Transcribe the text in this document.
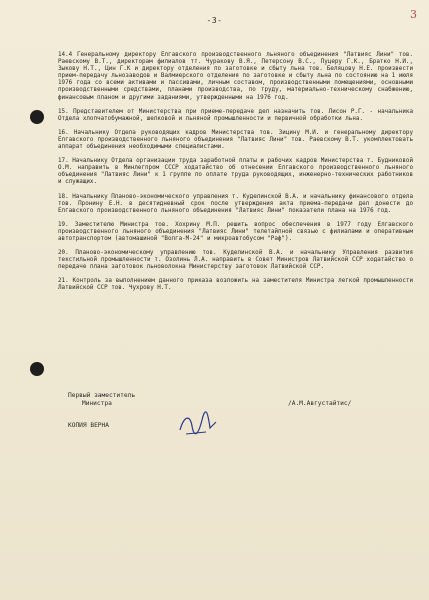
-3-	3

14.4 Генеральному директору Елгавского производственного льняного объединения "Латвияс Лини" тов. Раевскому В.Т., директорам филиалов тт. Чуракову В.Я., Петерсону В.С., Пуцеру Г.К., Братко Н.И., Зыкову Н.Т., Цин Г.К и директору отделения по заготовке и сбыту льна тов. Беляцову Н.Е. произвести прием-передачу льнозаводов и Валмиерского отделения по заготовке и сбыту льна по состоянию на 1 июля 1976 года со всеми активами и пассивами, личным составом, производственными помещениями, основными производственными средствами, планами производства, по труду, материально-техническому снабжению, финансовым планом и другими заданиями, утвержденными на 1976 год.

15. Представителем от Министерства при приеме-передаче дел назначить тов. Лисон Р.Г. - начальника Отдела хлопчатобумажной, шелковой и льняной промышленности и первичной обработки льна.

16. Начальнику Отдела руководящих кадров Министерства тов. Зицину М.И. и генеральному директору Елгавского производственного льняного объединения "Латвияс Лини" тов. Раевскому В.Т. укомплектовать аппарат объединения необходимыми специалистами.

17. Начальнику Отдела организации труда заработной платы и рабочих кадров Министерства т. Будниковой О.М. направить в Минлегпром СССР ходатайство об отнесении Елгавского производственного льняного объединения "Латвияс Лини" к 1 группе по оплате труда руководящих, инженерно-технических работников и служащих.

18. Начальнику Планово-экономического управления т. Куделинской В.А. и начальнику финансового отдела тов. Пронину Е.Н. в десятидневный срок после утверждения акта приема-передачи дел донести до Елгавского производственного льняного объединения "Латвияс Лини" показатели плана на 1976 год.

19. Заместителю Министра тов. Хохрину М.П. решить вопрос обеспечения в 1977 году Елгавского производственного льняного объединения "Латвияс Лини" телетайпной связью с филиалами и оперативным автотранспортом (автомашиной "Волга-М-24" и микроавтобусом "Раф").

20. Планово-экономическому управлению тов. Куделинской В.А. и начальнику Управления развития текстильной промышленности т. Озолинь Л.А. направить в Совет Министров Латвийской ССР ходатайство о передаче плана заготовок льноволокна Министерству заготовок Латвийской ССР.

21. Контроль за выполнением данного приказа возложить на заместителя Министра легкой промышленности Латвийской ССР тов. Чухрову Н.Т.

Первый заместитель
Министра	/А.М.Августайтис/
КОПИЯ ВЕРНА
